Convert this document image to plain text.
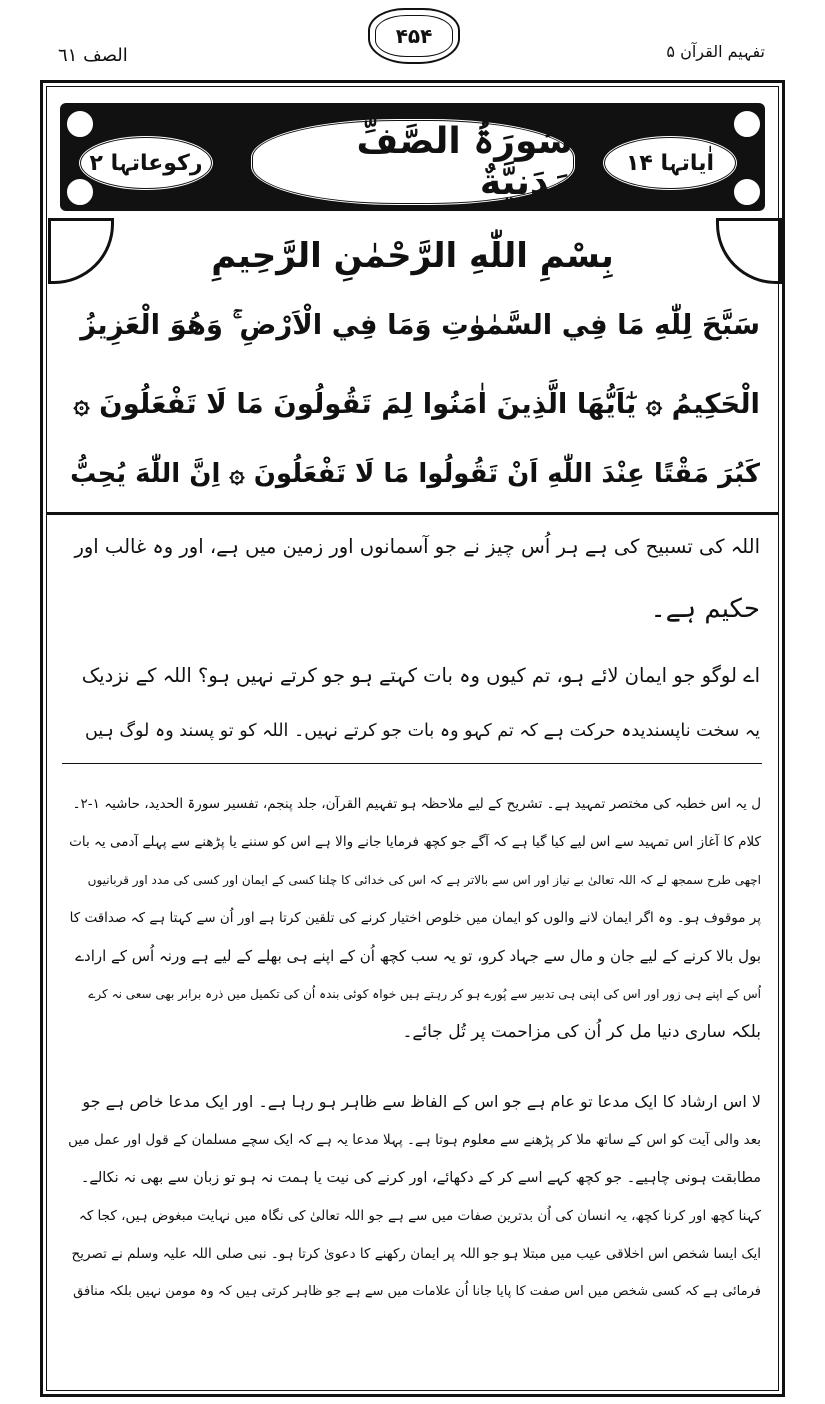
الصف ٦١
۴۵۴
تفہیم القرآن ۵
رکوعاتہا ۲
سُورَۃُ الصَّفِّ مَدَنِيَّةٌ اٰیاتہا ۱۴
بِسْمِ اللّٰهِ الرَّحْمٰنِ الرَّحِيمِ
سَبَّحَ لِلّٰهِ مَا فِي السَّمٰوٰتِ وَمَا فِي الْاَرْضِ ۚ وَهُوَ الْعَزِيزُ
الْحَكِيمُ ۞ يٰٓاَيُّهَا الَّذِينَ اٰمَنُوا لِمَ تَقُولُونَ مَا لَا تَفْعَلُونَ ۞
كَبُرَ مَقْتًا عِنْدَ اللّٰهِ اَنْ تَقُولُوا مَا لَا تَفْعَلُونَ ۞ اِنَّ اللّٰهَ يُحِبُّ
اللہ کی تسبیح کی ہے ہر اُس چیز نے جو آسمانوں اور زمین میں ہے، اور وہ غالب اور
حکیم ہے۔
اے لوگو جو ایمان لائے ہو، تم کیوں وہ بات کہتے ہو جو کرتے نہیں ہو؟ اللہ کے نزدیک
یہ سخت ناپسندیدہ حرکت ہے کہ تم کہو وہ بات جو کرتے نہیں۔ اللہ کو تو پسند وہ لوگ ہیں
ل یہ اس خطبہ کی مختصر تمہید ہے۔ تشریح کے لیے ملاحظہ ہو تفہیم القرآن، جلد پنجم، تفسیر سورۃ الحدید، حاشیہ ۱-۲۔
کلام کا آغاز اس تمہید سے اس لیے کیا گیا ہے کہ آگے جو کچھ فرمایا جانے والا ہے اس کو سننے یا پڑھنے سے پہلے آدمی یہ بات
اچھی طرح سمجھ لے کہ اللہ تعالیٰ بے نیاز اور اس سے بالاتر ہے کہ اس کی خدائی کا چلنا کسی کے ایمان اور کسی کی مدد اور قربانیوں
پر موقوف ہو۔ وہ اگر ایمان لانے والوں کو ایمان میں خلوص اختیار کرنے کی تلقین کرتا ہے اور اُن سے کہتا ہے کہ صداقت کا
بول بالا کرنے کے لیے جان و مال سے جہاد کرو، تو یہ سب کچھ اُن کے اپنے ہی بھلے کے لیے ہے ورنہ اُس کے ارادے
اُس کے اپنے ہی زور اور اس کی اپنی ہی تدبیر سے پُورے ہو کر رہتے ہیں خواہ کوئی بندہ اُن کی تکمیل میں ذرہ برابر بھی سعی نہ کرے
بلکہ ساری دنیا مل کر اُن کی مزاحمت پر تُل جائے۔
لا اس ارشاد کا ایک مدعا تو عام ہے جو اس کے الفاظ سے ظاہر ہو رہا ہے۔ اور ایک مدعا خاص ہے جو
بعد والی آیت کو اس کے ساتھ ملا کر پڑھنے سے معلوم ہوتا ہے۔ پہلا مدعا یہ ہے کہ ایک سچے مسلمان کے قول اور عمل میں
مطابقت ہونی چاہیے۔ جو کچھ کہے اسے کر کے دکھائے، اور کرنے کی نیت یا ہمت نہ ہو تو زبان سے بھی نہ نکالے۔
کہنا کچھ اور کرنا کچھ، یہ انسان کی اُن بدترین صفات میں سے ہے جو اللہ تعالیٰ کی نگاہ میں نہایت مبغوض ہیں، کجا کہ
ایک ایسا شخص اس اخلاقی عیب میں مبتلا ہو جو اللہ پر ایمان رکھنے کا دعویٰ کرتا ہو۔ نبی صلی اللہ علیہ وسلم نے تصریح
فرمائی ہے کہ کسی شخص میں اس صفت کا پایا جانا اُن علامات میں سے ہے جو ظاہر کرتی ہیں کہ وہ مومن نہیں بلکہ منافق
